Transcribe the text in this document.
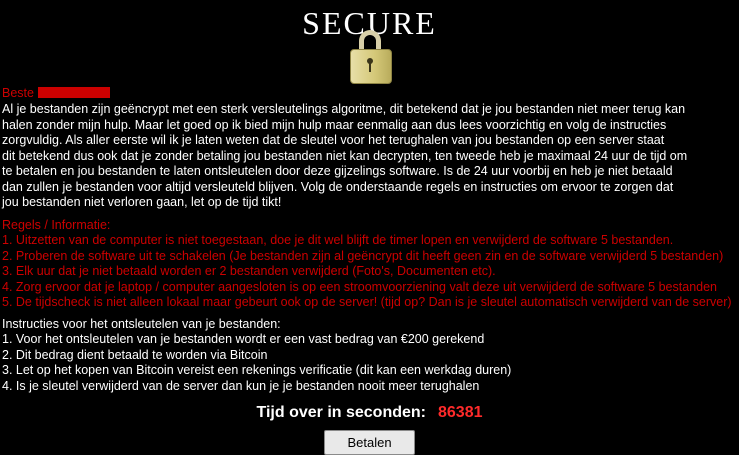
SECURE
Beste

Al je bestanden zijn geëncrypt met een sterk versleutelings algoritme, dit betekend dat je jou bestanden niet meer terug kan

halen zonder mijn hulp. Maar let goed op ik bied mijn hulp maar eenmalig aan dus lees voorzichtig en volg de instructies

zorgvuldig. Als aller eerste wil ik je laten weten dat de sleutel voor het terughalen van jou bestanden op een server staat

dit betekend dus ook dat je zonder betaling jou bestanden niet kan decrypten, ten tweede heb je maximaal 24 uur de tijd om

te betalen en jou bestanden te laten ontsleutelen door deze gijzelings software. Is de 24 uur voorbij en heb je niet betaald

dan zullen je bestanden voor altijd versleuteld blijven. Volg de onderstaande regels en instructies om ervoor te zorgen dat

jou bestanden niet verloren gaan, let op de tijd tikt!

Regels / Informatie:

1. Uitzetten van de computer is niet toegestaan, doe je dit wel blijft de timer lopen en verwijderd de software 5 bestanden.
2. Proberen de software uit te schakelen (Je bestanden zijn al geëncrypt dit heeft geen zin en de software verwijderd 5 bestanden)
3. Elk uur dat je niet betaald worden er 2 bestanden verwijderd (Foto's, Documenten etc).
4. Zorg ervoor dat je laptop / computer aangesloten is op een stroomvoorziening valt deze uit verwijderd de software 5 bestanden
5. De tijdscheck is niet alleen lokaal maar gebeurt ook op de server! (tijd op? Dan is je sleutel automatisch verwijderd van de server)

Instructies voor het ontsleutelen van je bestanden:

1. Voor het ontsleutelen van je bestanden wordt er een vast bedrag van €200 gerekend
2. Dit bedrag dient betaald te worden via Bitcoin
3. Let op het kopen van Bitcoin vereist een rekenings verificatie (dit kan een werkdag duren)
4. Is je sleutel verwijderd van de server dan kun je je bestanden nooit meer terughalen
Tijd over in seconden: 86381
Betalen
